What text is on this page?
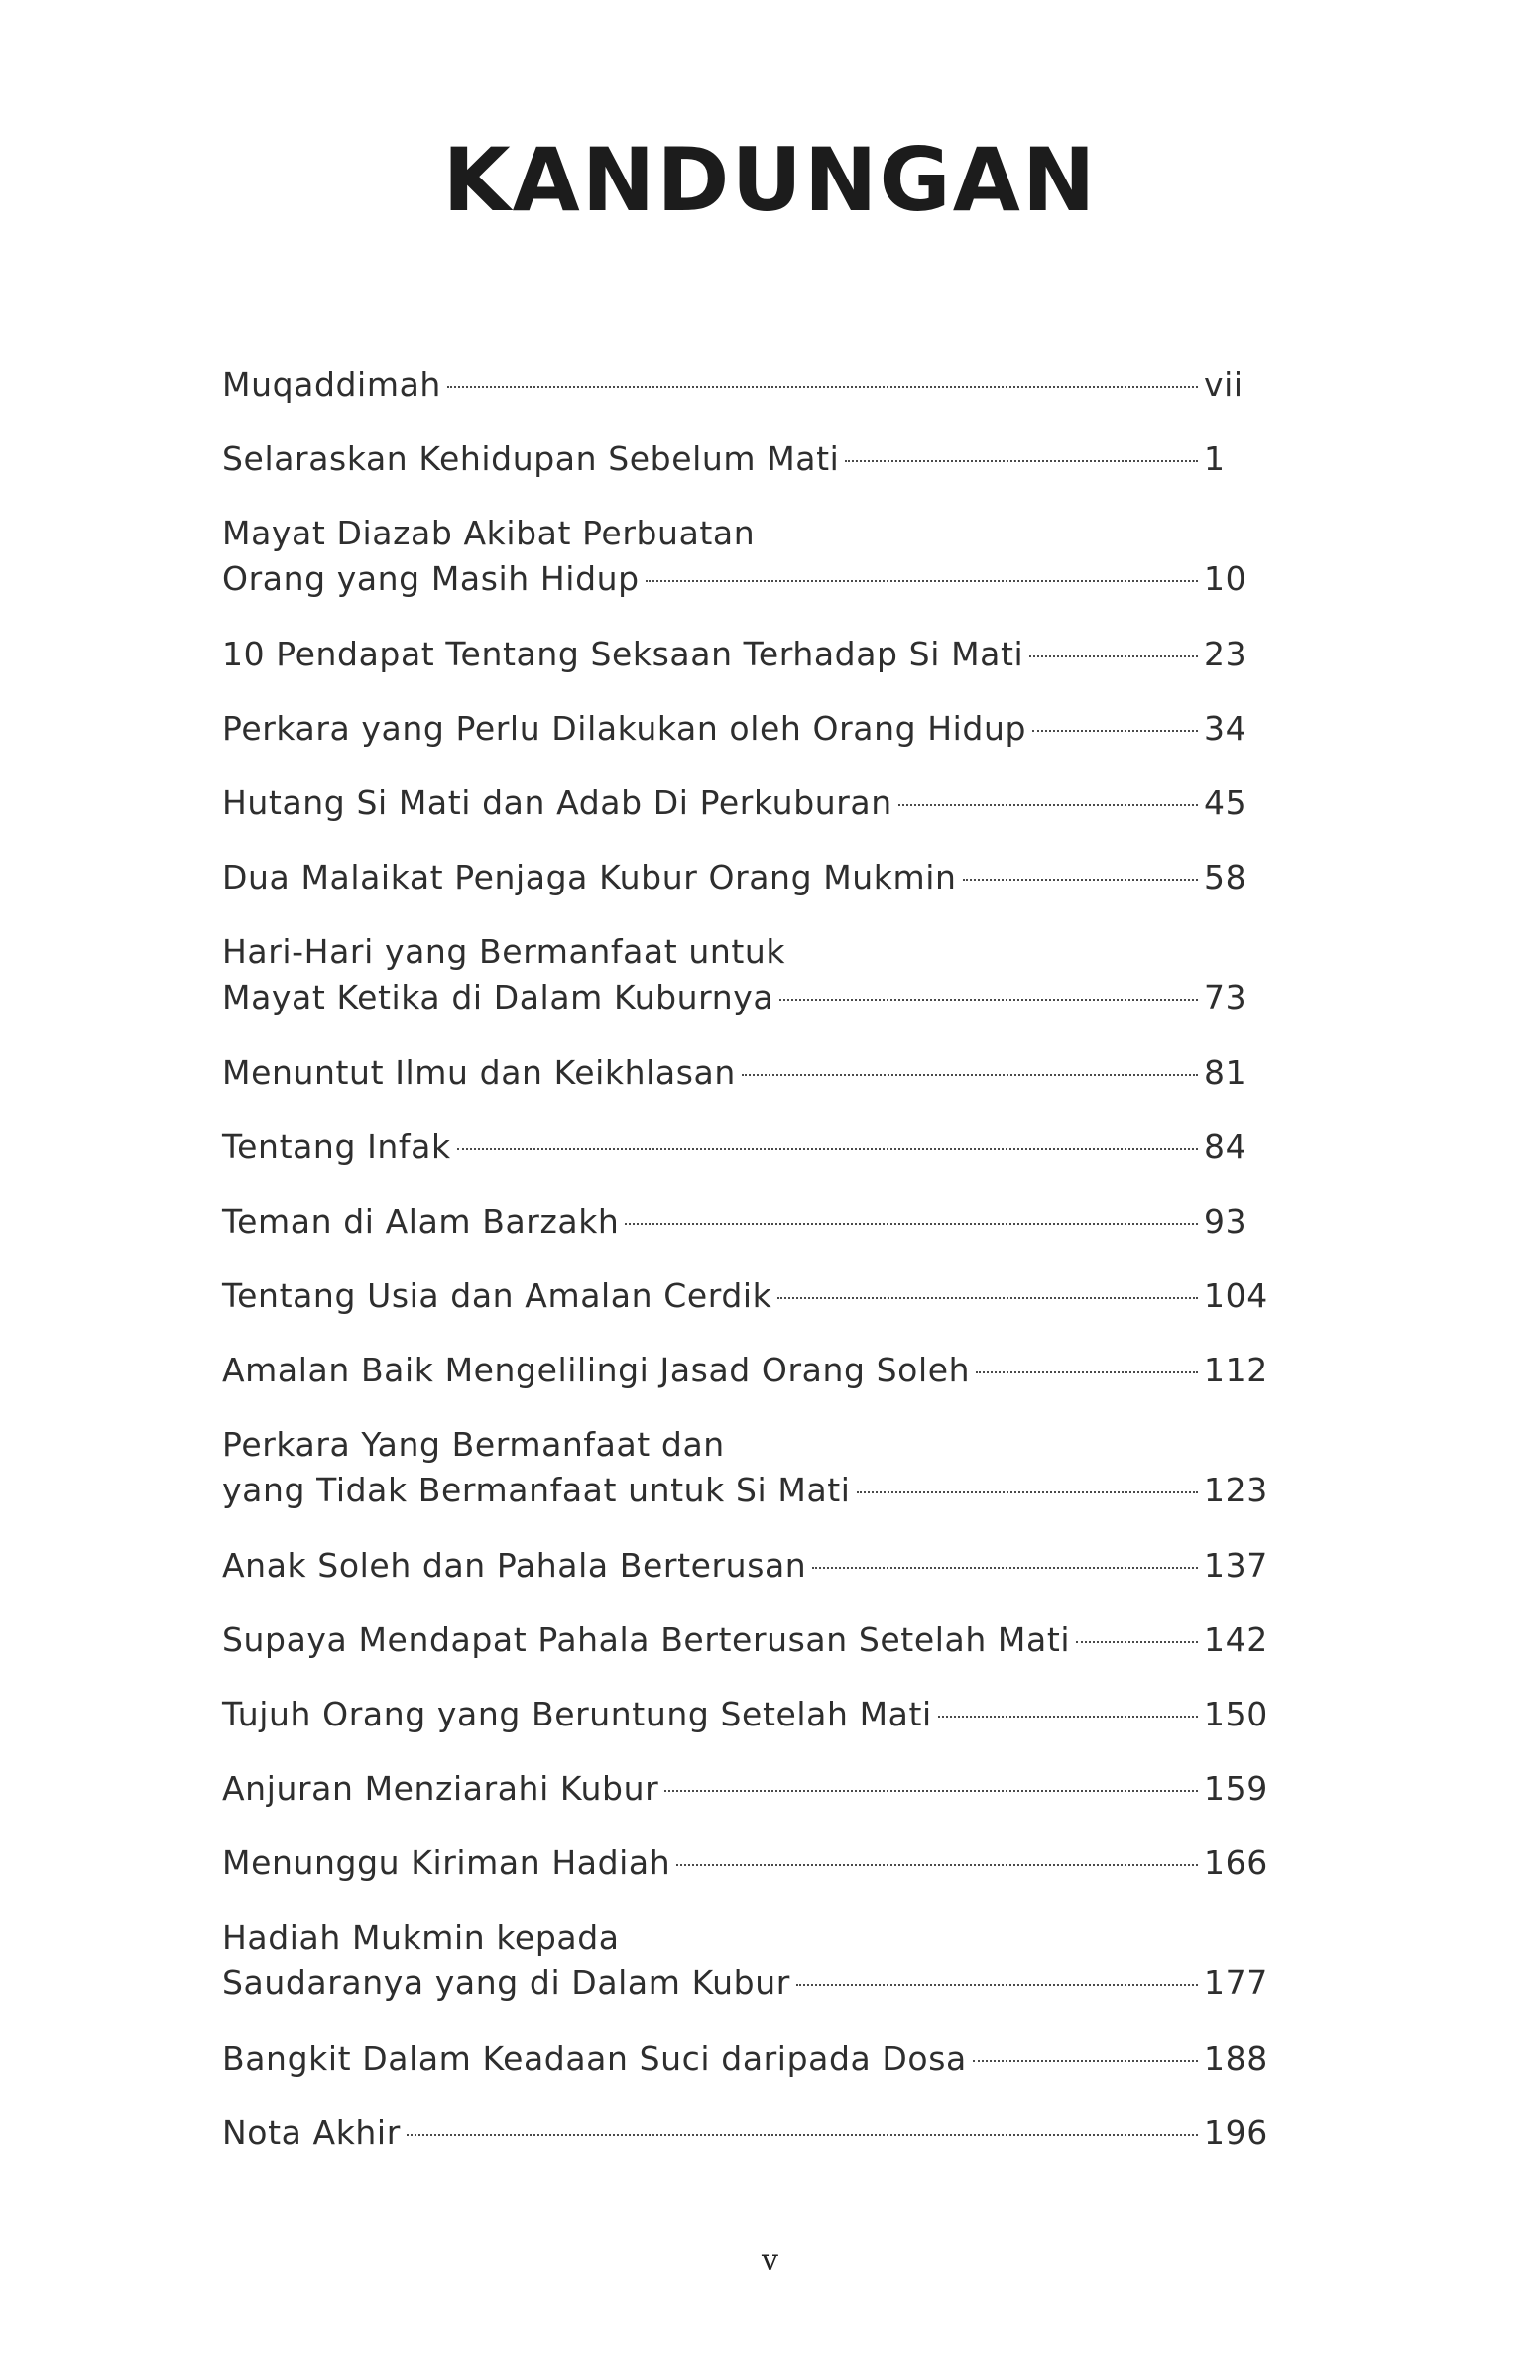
KANDUNGAN
Muqaddimah	vii
Selaraskan Kehidupan Sebelum Mati	1
Mayat Diazab Akibat Perbuatan
Orang yang Masih Hidup	10
10 Pendapat Tentang Seksaan Terhadap Si Mati	23
Perkara yang Perlu Dilakukan oleh Orang Hidup	34
Hutang Si Mati dan Adab Di Perkuburan	45
Dua Malaikat Penjaga Kubur Orang Mukmin	58
Hari-Hari yang Bermanfaat untuk
Mayat Ketika di Dalam Kuburnya	73
Menuntut Ilmu dan Keikhlasan	81
Tentang Infak	84
Teman di Alam Barzakh	93
Tentang Usia dan Amalan Cerdik	104
Amalan Baik Mengelilingi Jasad Orang Soleh	112
Perkara Yang Bermanfaat dan
yang Tidak Bermanfaat untuk Si Mati	123
Anak Soleh dan Pahala Berterusan	137
Supaya Mendapat Pahala Berterusan Setelah Mati	142
Tujuh Orang yang Beruntung Setelah Mati	150
Anjuran Menziarahi Kubur	159
Menunggu Kiriman Hadiah	166
Hadiah Mukmin kepada
Saudaranya yang di Dalam Kubur	177
Bangkit Dalam Keadaan Suci daripada Dosa	188
Nota Akhir	196
v
